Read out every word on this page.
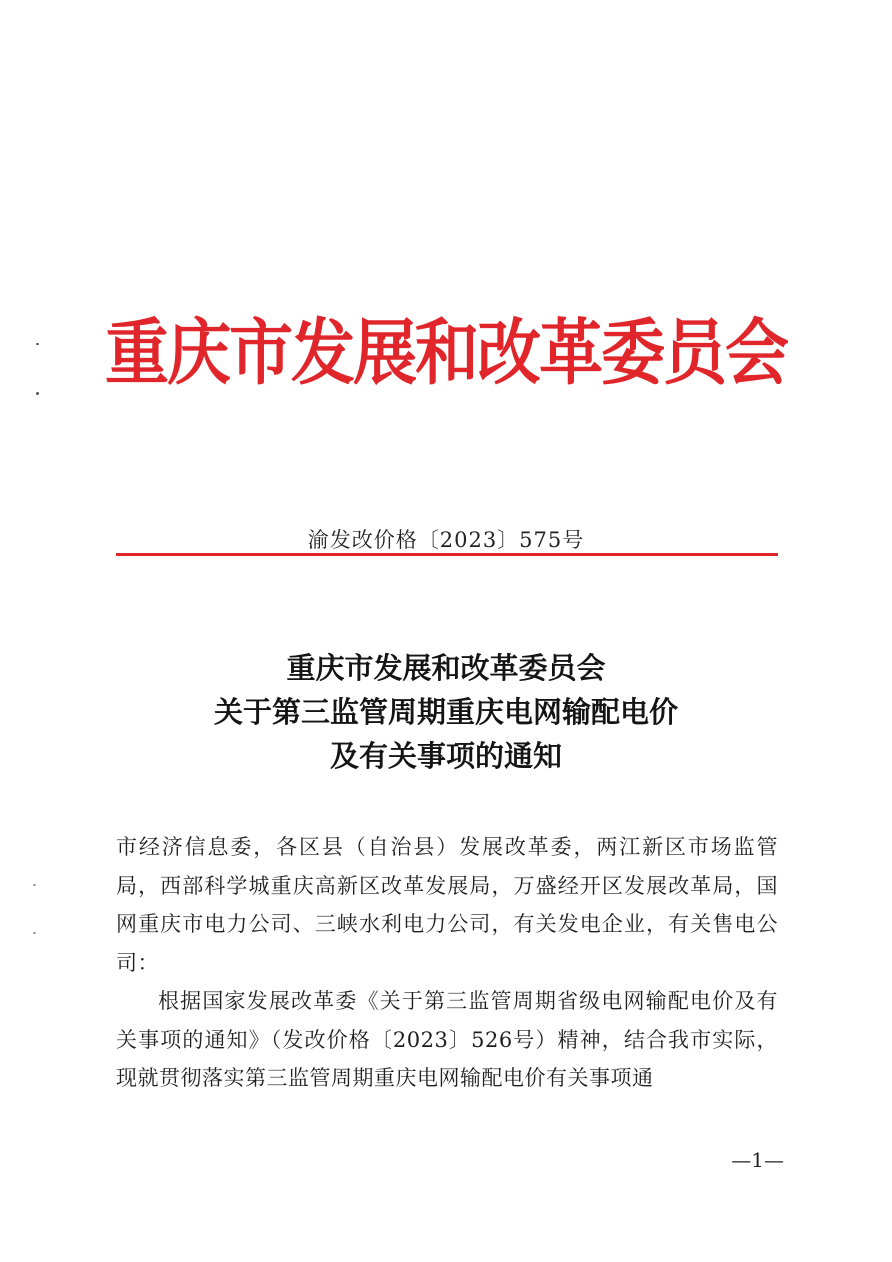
重庆市发展和改革委员会
渝发改价格〔2023〕575号
重庆市发展和改革委员会
关于第三监管周期重庆电网输配电价
及有关事项的通知

市经济信息委，各区县（自治县）发展改革委，两江新区市场监管局，西部科学城重庆高新区改革发展局，万盛经开区发展改革局，国网重庆市电力公司、三峡水利电力公司，有关发电企业，有关售电公司：

根据国家发展改革委《关于第三监管周期省级电网输配电价及有关事项的通知》（发改价格〔2023〕526号）精神，结合我市实际，现就贯彻落实第三监管周期重庆电网输配电价有关事项通

—1—
